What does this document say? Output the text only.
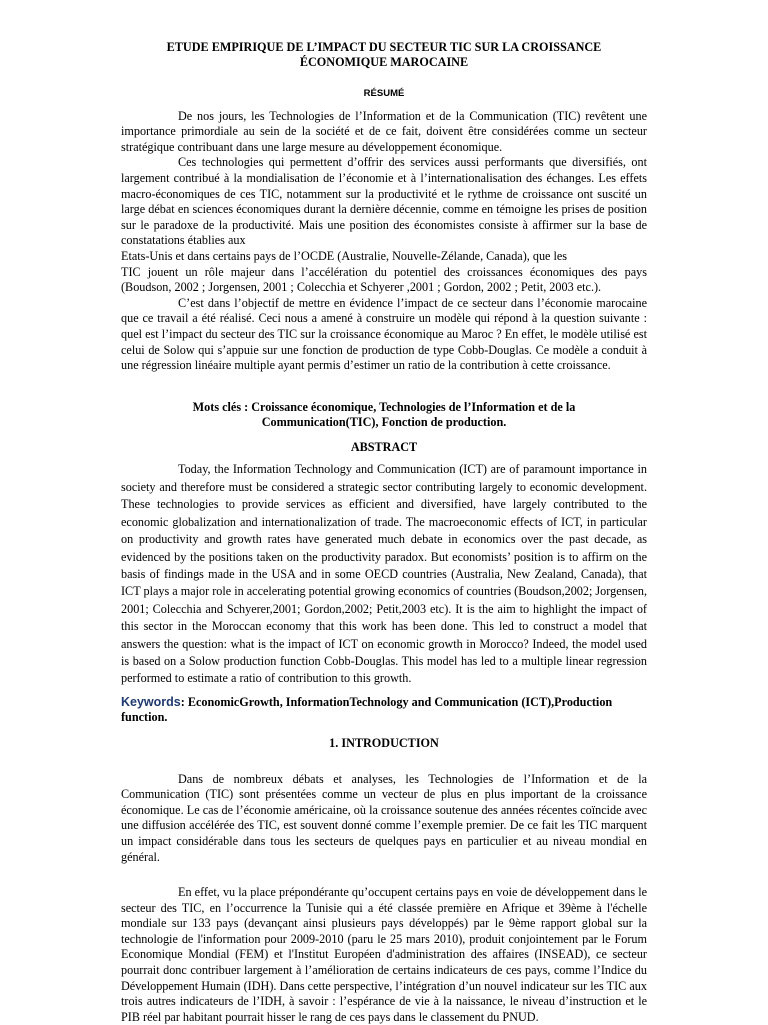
ETUDE EMPIRIQUE DE L’IMPACT DU SECTEUR TIC SUR LA CROISSANCE

ÉCONOMIQUE MAROCAINE

RÉSUMÉ

De nos jours, les Technologies de l’Information et de la Communication (TIC) revêtent une importance primordiale au sein de la société et de ce fait, doivent être considérées comme un secteur stratégique contribuant dans une large mesure au développement économique.

Ces technologies qui permettent d’offrir des services aussi performants que diversifiés, ont largement contribué à la mondialisation de l’économie et à l’internationalisation des échanges. Les effets macro-économiques de ces TIC, notamment sur la productivité et le rythme de croissance ont suscité un large débat en sciences économiques durant la dernière décennie, comme en témoigne les prises de position sur le paradoxe de la productivité. Mais une position des économistes consiste à affirmer sur la base de constatations établies aux

Etats-Unis et dans certains pays de l’OCDE (Australie, Nouvelle-Zélande, Canada), que les

TIC jouent un rôle majeur dans l’accélération du potentiel des croissances économiques des pays (Boudson, 2002 ; Jorgensen, 2001 ; Colecchia et Schyerer ,2001 ; Gordon, 2002 ; Petit, 2003 etc.).

C’est dans l’objectif de mettre en évidence l’impact de ce secteur dans l’économie marocaine que ce travail a été réalisé. Ceci nous a amené à construire un modèle qui répond à la question suivante : quel est l’impact du secteur des TIC sur la croissance économique au Maroc ? En effet, le modèle utilisé est celui de Solow qui s’appuie sur une fonction de production de type Cobb-Douglas. Ce modèle a conduit à une régression linéaire multiple ayant permis d’estimer un ratio de la contribution à cette croissance.

Mots clés : Croissance économique, Technologies de l’Information et de la

Communication(TIC), Fonction de production.

ABSTRACT

Today, the Information Technology and Communication (ICT) are of paramount importance in society and therefore must be considered a strategic sector contributing largely to economic development. These technologies to provide services as efficient and diversified, have largely contributed to the economic globalization and internationalization of trade. The macroeconomic effects of ICT, in particular on productivity and growth rates have generated much debate in economics over the past decade, as evidenced by the positions taken on the productivity paradox. But economists’ position is to affirm on the basis of findings made in the USA and in some OECD countries (Australia, New Zealand, Canada), that ICT plays a major role in accelerating potential growing economics of countries (Boudson,2002; Jorgensen, 2001; Colecchia and Schyerer,2001; Gordon,2002; Petit,2003 etc). It is the aim to highlight the impact of this sector in the Moroccan economy that this work has been done. This led to construct a model that answers the question: what is the impact of ICT on economic growth in Morocco? Indeed, the model used is based on a Solow production function Cobb-Douglas. This model has led to a multiple linear regression performed to estimate a ratio of contribution to this growth.

Keywords: EconomicGrowth, InformationTechnology and Communication (ICT),Production function.

1. INTRODUCTION

Dans de nombreux débats et analyses, les Technologies de l’Information et de la Communication (TIC) sont présentées comme un vecteur de plus en plus important de la croissance économique. Le cas de l’économie américaine, où la croissance soutenue des années récentes coïncide avec une diffusion accélérée des TIC, est souvent donné comme l’exemple premier. De ce fait les TIC marquent un impact considérable dans tous les secteurs de quelques pays en particulier et au niveau mondial en général.

En effet, vu la place prépondérante qu’occupent certains pays en voie de développement dans le secteur des TIC, en l’occurrence la Tunisie qui a été classée première en Afrique et 39ème à l'échelle mondiale sur 133 pays (devançant ainsi plusieurs pays développés) par le 9ème rapport global sur la technologie de l'information pour 2009-2010 (paru le 25 mars 2010), produit conjointement par le Forum Economique Mondial (FEM) et l'Institut Européen d'administration des affaires (INSEAD), ce secteur pourrait donc contribuer largement à l’amélioration de certains indicateurs de ces pays, comme l’Indice du Développement Humain (IDH). Dans cette perspective, l’intégration d’un nouvel indicateur sur les TIC aux trois autres indicateurs de l’IDH, à savoir : l’espérance de vie à la naissance, le niveau d’instruction et le PIB réel par habitant pourrait hisser le rang de ces pays dans le classement du PNUD.
